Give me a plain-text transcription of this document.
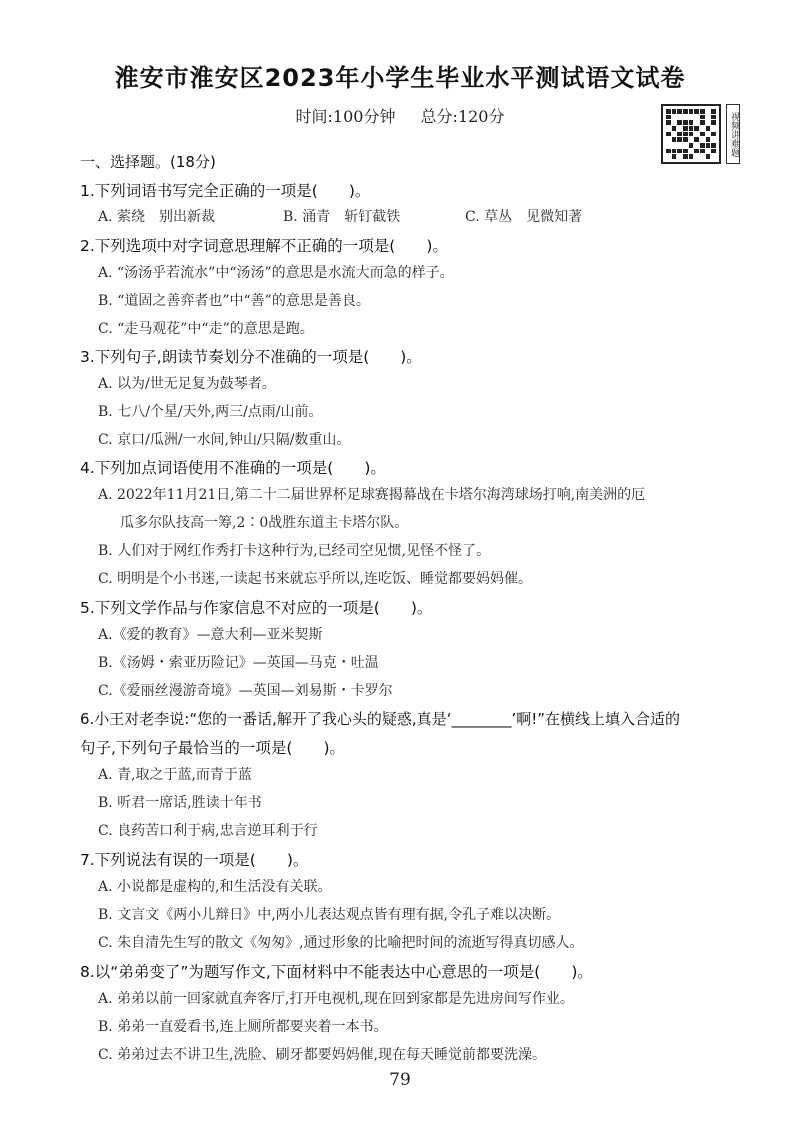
淮安市淮安区2023年小学生毕业水平测试语文试卷
时间:100分钟 总分:120分	视频讲难题
一、选择题。(18分)
1.下列词语书写完全正确的一项是(　　)。
A. 萦绕　别出新裁	B. 涌青　斩钉截铁	C. 草丛　见微知著
2.下列选项中对字词意思理解不正确的一项是(　　)。
A. “汤汤乎若流水”中“汤汤”的意思是水流大而急的样子。
B. “道固之善弈者也”中“善”的意思是善良。
C. “走马观花”中“走”的意思是跑。
3.下列句子,朗读节奏划分不准确的一项是(　　)。
A. 以为/世无足复为鼓琴者。
B. 七八/个星/天外,两三/点雨/山前。
C. 京口/瓜洲/一水间,钟山/只隔/数重山。
4.下列加点词语使用不准确的一项是(　　)。
A. 2022年11月21日,第二十二届世界杯足球赛揭幕战在卡塔尔海湾球场打响,南美洲的厄
瓜多尔队技高一筹,2∶0战胜东道主卡塔尔队。
B. 人们对于网红作秀打卡这种行为,已经司空见惯,见怪不怪了。
C. 明明是个小书迷,一读起书来就忘乎所以,连吃饭、睡觉都要妈妈催。
5.下列文学作品与作家信息不对应的一项是(　　)。
A.《爱的教育》—意大利—亚米契斯
B.《汤姆・索亚历险记》—英国—马克・吐温
C.《爱丽丝漫游奇境》—英国—刘易斯・卡罗尔
6.小王对老李说:“您的一番话,解开了我心头的疑惑,真是‘________’啊!”在横线上填入合适的
句子,下列句子最恰当的一项是(　　)。
A. 青,取之于蓝,而青于蓝
B. 听君一席话,胜读十年书
C. 良药苦口利于病,忠言逆耳利于行
7.下列说法有误的一项是(　　)。
A. 小说都是虚构的,和生活没有关联。
B. 文言文《两小儿辩日》中,两小儿表达观点皆有理有据,令孔子难以决断。
C. 朱自清先生写的散文《匆匆》,通过形象的比喻把时间的流逝写得真切感人。
8.以“弟弟变了”为题写作文,下面材料中不能表达中心意思的一项是(　　)。
A. 弟弟以前一回家就直奔客厅,打开电视机,现在回到家都是先进房间写作业。
B. 弟弟一直爱看书,连上厕所都要夹着一本书。
C. 弟弟过去不讲卫生,洗脸、刷牙都要妈妈催,现在每天睡觉前都要洗澡。
79
